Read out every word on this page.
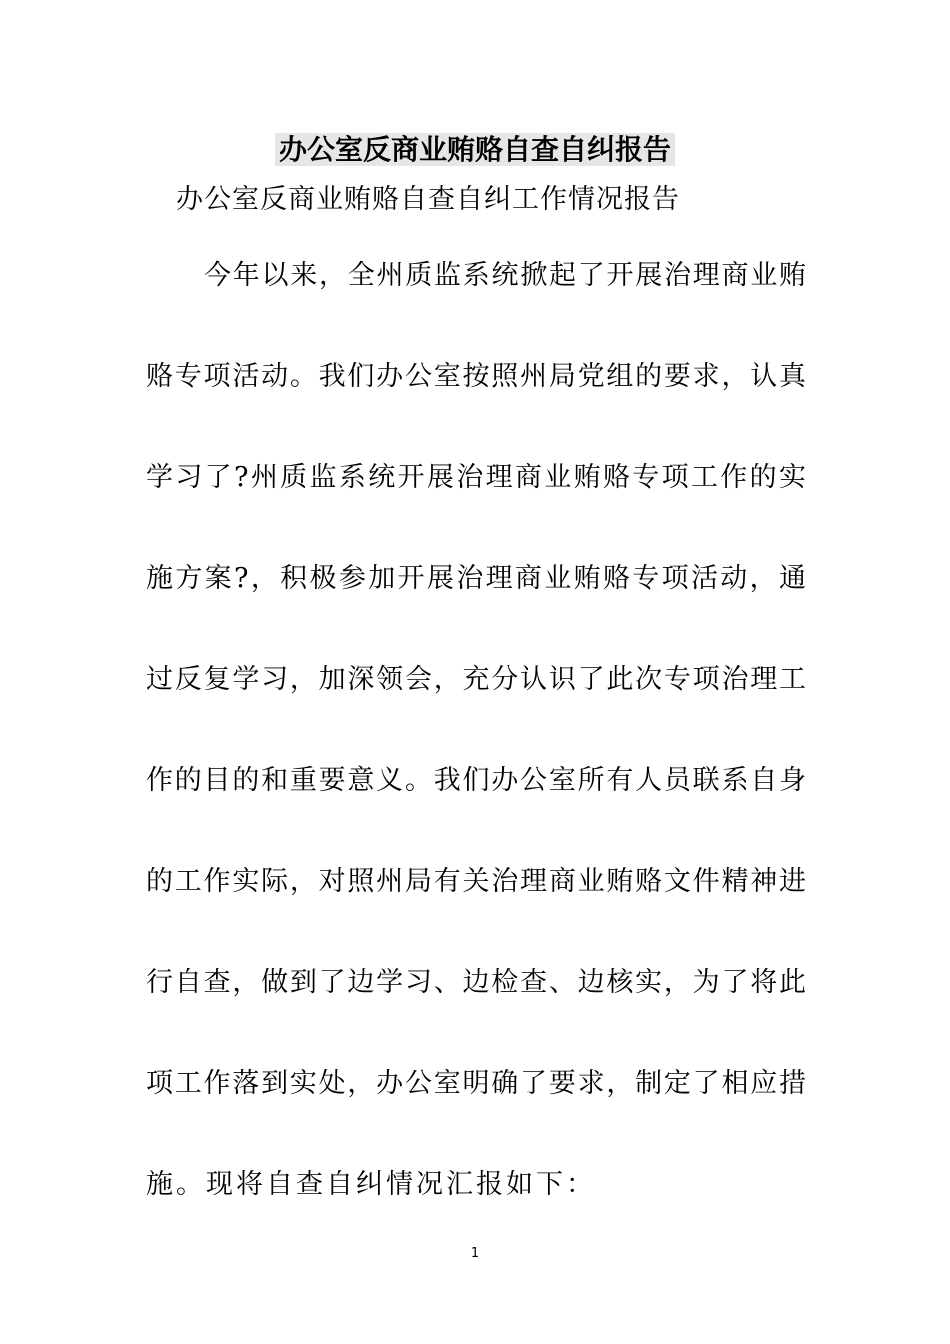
办公室反商业贿赂自查自纠报告
办公室反商业贿赂自查自纠工作情况报告
今年以来，全州质监系统掀起了开展治理商业贿
赂专项活动。我们办公室按照州局党组的要求，认真
学习了?州质监系统开展治理商业贿赂专项工作的实
施方案?，积极参加开展治理商业贿赂专项活动，通
过反复学习，加深领会，充分认识了此次专项治理工
作的目的和重要意义。我们办公室所有人员联系自身
的工作实际，对照州局有关治理商业贿赂文件精神进
行自查，做到了边学习、边检查、边核实，为了将此
项工作落到实处，办公室明确了要求，制定了相应措
施。现将自查自纠情况汇报如下：
1
